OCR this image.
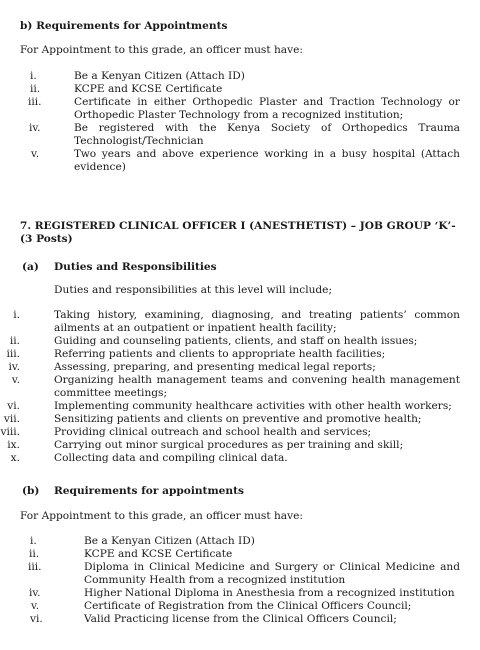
b) Requirements for Appointments
For Appointment to this grade, an officer must have:
i.	Be a Kenyan Citizen (Attach ID)
ii.	KCPE and KCSE Certificate
iii.	Certificate in either Orthopedic Plaster and Traction Technology or Orthopedic Plaster Technology from a recognized institution;
iv.	Be registered with the Kenya Society of Orthopedics Trauma Technologist/Technician
v.	Two years and above experience working in a busy hospital (Attach evidence)
7. REGISTERED CLINICAL OFFICER I (ANESTHETIST) – JOB GROUP ‘K’- (3 Posts)
(a) Duties and Responsibilities
Duties and responsibilities at this level will include;
i.	Taking history, examining, diagnosing, and treating patients’ common ailments at an outpatient or inpatient health facility;
ii.	Guiding and counseling patients, clients, and staff on health issues;
iii.	Referring patients and clients to appropriate health facilities;
iv.	Assessing, preparing, and presenting medical legal reports;
v.	Organizing health management teams and convening health management committee meetings;
vi.	Implementing community healthcare activities with other health workers;
vii.	Sensitizing patients and clients on preventive and promotive health;
viii.	Providing clinical outreach and school health and services;
ix.	Carrying out minor surgical procedures as per training and skill;
x.	Collecting data and compiling clinical data.
(b) Requirements for appointments
For Appointment to this grade, an officer must have:
i.	Be a Kenyan Citizen (Attach ID)
ii.	KCPE and KCSE Certificate
iii.	Diploma in Clinical Medicine and Surgery or Clinical Medicine and Community Health from a recognized institution
iv.	Higher National Diploma in Anesthesia from a recognized institution
v.	Certificate of Registration from the Clinical Officers Council;
vi.	Valid Practicing license from the Clinical Officers Council;
